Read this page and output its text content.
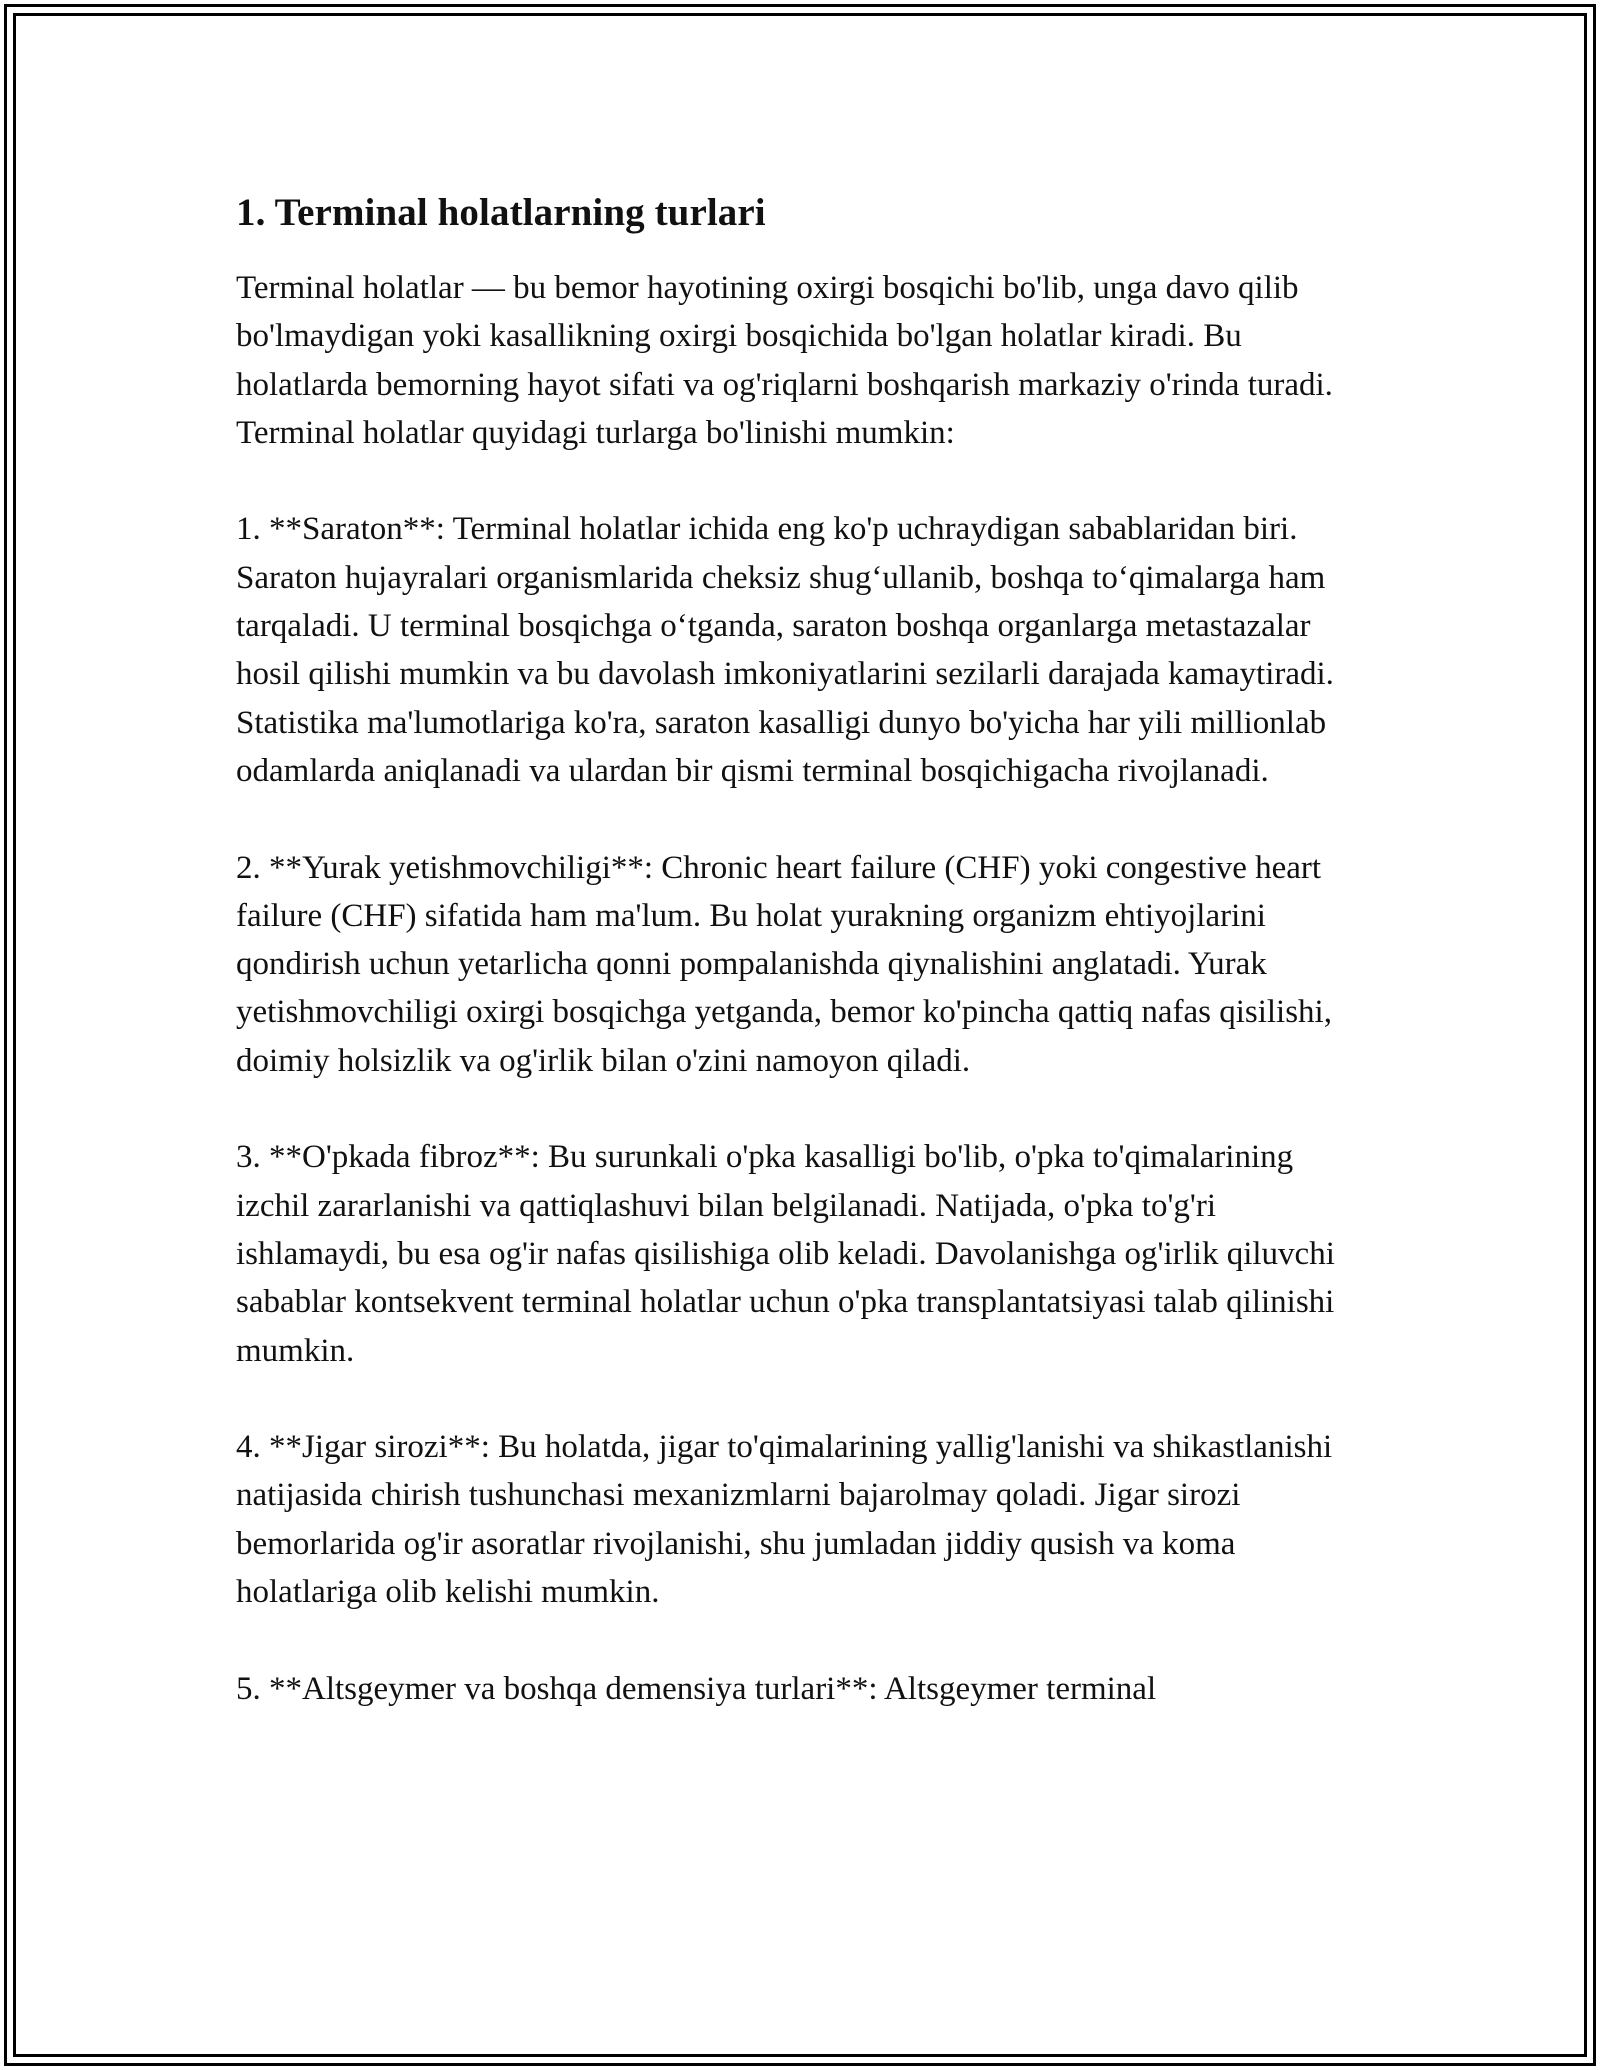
1. Terminal holatlarning turlari

Terminal holatlar — bu bemor hayotining oxirgi bosqichi bo'lib, unga davo qilib bo'lmaydigan yoki kasallikning oxirgi bosqichida bo'lgan holatlar kiradi. Bu holatlarda bemorning hayot sifati va og'riqlarni boshqarish markaziy o'rinda turadi. Terminal holatlar quyidagi turlarga bo'linishi mumkin:

1. **Saraton**: Terminal holatlar ichida eng ko'p uchraydigan sabablaridan biri. Saraton hujayralari organismlarida cheksiz shug‘ullanib, boshqa to‘qimalarga ham tarqaladi. U terminal bosqichga o‘tganda, saraton boshqa organlarga metastazalar hosil qilishi mumkin va bu davolash imkoniyatlarini sezilarli darajada kamaytiradi. Statistika ma'lumotlariga ko'ra, saraton kasalligi dunyo bo'yicha har yili millionlab odamlarda aniqlanadi va ulardan bir qismi terminal bosqichigacha rivojlanadi.

2. **Yurak yetishmovchiligi**: Chronic heart failure (CHF) yoki congestive heart failure (CHF) sifatida ham ma'lum. Bu holat yurakning organizm ehtiyojlarini qondirish uchun yetarlicha qonni pompalanishda qiynalishini anglatadi. Yurak yetishmovchiligi oxirgi bosqichga yetganda, bemor ko'pincha qattiq nafas qisilishi, doimiy holsizlik va og'irlik bilan o'zini namoyon qiladi.

3. **O'pkada fibroz**: Bu surunkali o'pka kasalligi bo'lib, o'pka to'qimalarining izchil zararlanishi va qattiqlashuvi bilan belgilanadi. Natijada, o'pka to'g'ri ishlamaydi, bu esa og'ir nafas qisilishiga olib keladi. Davolanishga og'irlik qiluvchi sabablar kontsekvent terminal holatlar uchun o'pka transplantatsiyasi talab qilinishi mumkin.

4. **Jigar sirozi**: Bu holatda, jigar to'qimalarining yallig'lanishi va shikastlanishi natijasida chirish tushunchasi mexanizmlarni bajarolmay qoladi. Jigar sirozi bemorlarida og'ir asoratlar rivojlanishi, shu jumladan jiddiy qusish va koma holatlariga olib kelishi mumkin.

5. **Altsgeymer va boshqa demensiya turlari**: Altsgeymer terminal
